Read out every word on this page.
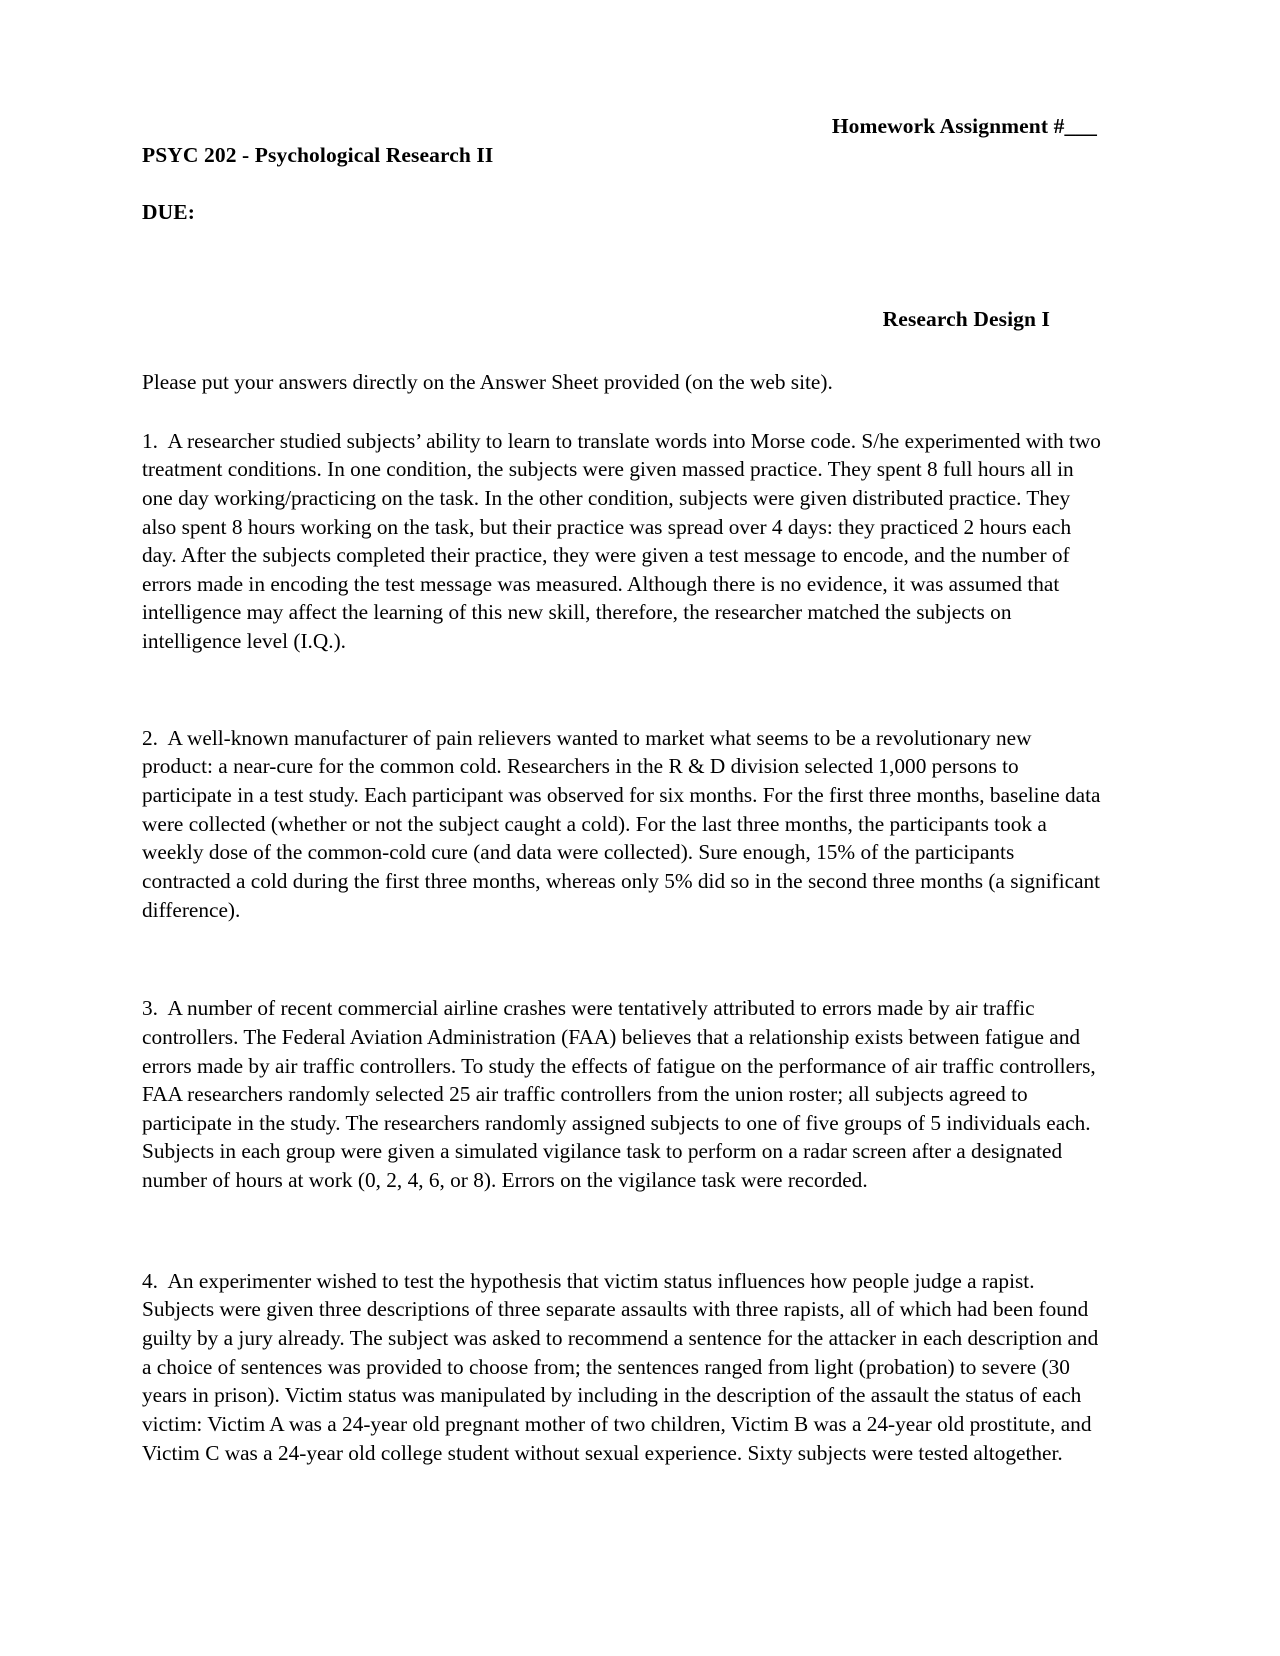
PSYC 202 - Psychological Research II

DUE:

Homework Assignment #___
Research Design I

Please put your answers directly on the Answer Sheet provided (on the web site).

1. A researcher studied subjects’ ability to learn to translate words into Morse code. S/he experimented with two treatment conditions. In one condition, the subjects were given massed practice. They spent 8 full hours all in one day working/practicing on the task. In the other condition, subjects were given distributed practice. They also spent 8 hours working on the task, but their practice was spread over 4 days: they practiced 2 hours each day. After the subjects completed their practice, they were given a test message to encode, and the number of errors made in encoding the test message was measured. Although there is no evidence, it was assumed that intelligence may affect the learning of this new skill, therefore, the researcher matched the subjects on intelligence level (I.Q.).

2. A well-known manufacturer of pain relievers wanted to market what seems to be a revolutionary new product: a near-cure for the common cold. Researchers in the R & D division selected 1,000 persons to participate in a test study. Each participant was observed for six months. For the first three months, baseline data were collected (whether or not the subject caught a cold). For the last three months, the participants took a weekly dose of the common-cold cure (and data were collected). Sure enough, 15% of the participants contracted a cold during the first three months, whereas only 5% did so in the second three months (a significant difference).

3. A number of recent commercial airline crashes were tentatively attributed to errors made by air traffic controllers. The Federal Aviation Administration (FAA) believes that a relationship exists between fatigue and errors made by air traffic controllers. To study the effects of fatigue on the performance of air traffic controllers, FAA researchers randomly selected 25 air traffic controllers from the union roster; all subjects agreed to participate in the study. The researchers randomly assigned subjects to one of five groups of 5 individuals each. Subjects in each group were given a simulated vigilance task to perform on a radar screen after a designated number of hours at work (0, 2, 4, 6, or 8). Errors on the vigilance task were recorded.

4. An experimenter wished to test the hypothesis that victim status influences how people judge a rapist. Subjects were given three descriptions of three separate assaults with three rapists, all of which had been found guilty by a jury already. The subject was asked to recommend a sentence for the attacker in each description and a choice of sentences was provided to choose from; the sentences ranged from light (probation) to severe (30 years in prison). Victim status was manipulated by including in the description of the assault the status of each victim: Victim A was a 24-year old pregnant mother of two children, Victim B was a 24-year old prostitute, and Victim C was a 24-year old college student without sexual experience. Sixty subjects were tested altogether.
